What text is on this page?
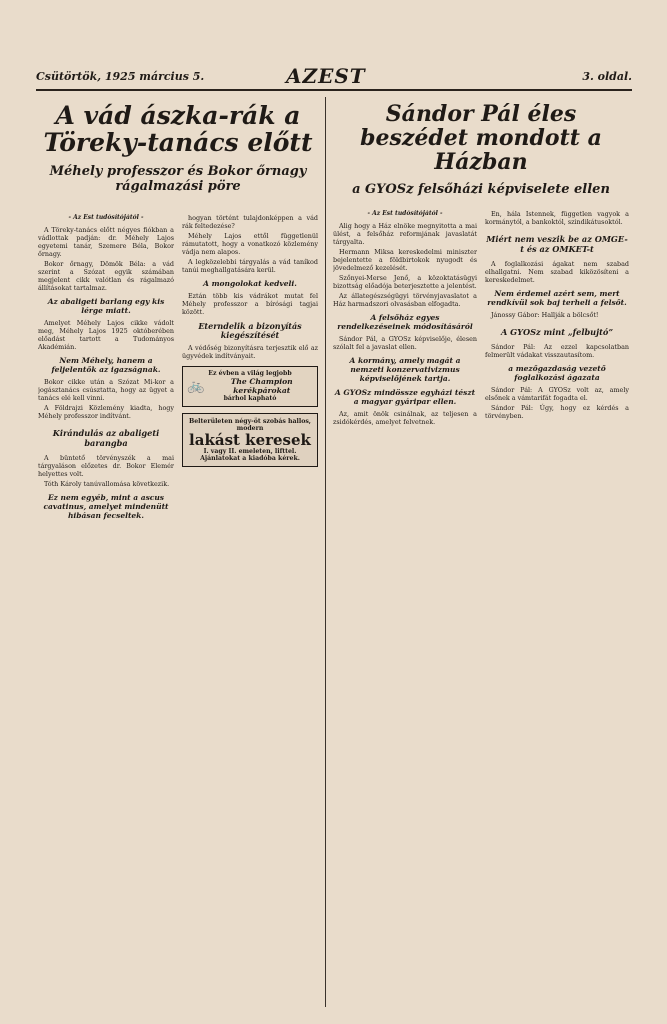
Csütörtök, 1925 március 5.	AZEST	3. oldal.
A vád ászka-rák a Töreky-tanács előtt
Méhely professzor és Bokor őrnagy rágalmazási pöre
- Az Est tudósítójától -

A Töreky-tanács előtt négyes fiókban a vádlottak padján: dr. Méhely Lajos egyetemi tanár, Szemere Béla, Bokor őrnagy.

Bokor őrnagy, Dömök Béla: a vád szerint a Szózat egyik számában megjelent cikk valótlan és rágalmazó állításokat tartalmaz.

Az abaligeti barlang egy kis lérge miatt.

Amelyet Méhely Lajos cikke vádolt meg, Méhely Lajos 1925 októberében előadást tartott a Tudományos Akadémián.

Nem Méhely, hanem a feljelentők az igazságnak.

Bokor cikke után a Szózat Mi-kor a jogásztanács csúsztatta, hogy az ügyet a tanács elé kell vinni.

A Földrajzi Közlemény kiadta, hogy Méhely professzor indítvánt.

Kirándulás az abaligeti barangba

A büntető törvényszék a mai tárgyaláson előzetes dr. Bokor Elemér helyettes volt.

Tóth Károly tanúvallomása következik.

Ez nem egyéb, mint a ascus cavatinus, amelyet mindenütt hibásan fecseltek.

hogyan történt tulajdonképpen a vád rák feltedezése?

Méhely Lajos ettől függetlenül rámutatott, hogy a vonatkozó közlemény vádja nem alapos.

A legközelebbi tárgyalás a vád taníkod tanúi meghallgatására kerül.

A mongolokat kedveli.

Eztán több kis vádrákot mutat fel Méhely professzor a bírósági tagjai között.

Eterndelik a bizonyítás kiegészítését

A védőség bizonyításra terjesztik elő az ügyvédek indítványait.

Ez évben a világ legjobb
🚲	The Champion kerékpárokat
bárhol kapható
Belterületen négy-öt szobás hallos, modern
lakást keresek
I. vagy II. emeleten, lifttel. Ajánlatokat a kiadóba kérek.
Sándor Pál éles beszédet mondott a Házban
a GYOSz felsőházi képviselete ellen
- Az Est tudósítójától -

Alig hogy a Ház elnöke megnyitotta a mai ülést, a felsőház reformjának javaslatát tárgyalta.

Hermann Miksa kereskedelmi miniszter bejelentette a földbirtokok nyugodt és jövedelmező kezelését.

Szőnyei-Merse Jenő, a közoktatásügyi bizottság előadója beterjesztette a jelentést.

Az állategészségügyi törvényjavaslatot a Ház harmadszori olvasásban elfogadta.

A felsőház egyes rendelkezéseinek módosításáról

Sándor Pál, a GYOSz képviselője, élesen szólalt fel a javaslat ellen.

A kormány, amely magát a nemzeti konzervativizmus képviselőjének tartja.
A GYOSz mindössze egyházi tészt a magyar gyáripar ellen.

Az, amit önök csinálnak, az teljesen a zsidókérdés, amelyet felvetnek.

En, hála Istennek, független vagyok a kormánytól, a bankoktól, szindikátusoktól.

Miért nem veszik be az OMGE-t és az OMKET-t

A foglalkozási ágakat nem szabad elhallgatni. Nem szabad kiközösíteni a kereskedelmet.

Nem érdemel azért sem, mert rendkívül sok baj terheli a felsőt.

Jánossy Gábor: Hallják a bölcsőt!

A GYOSz mint „felbujtó”

Sándor Pál: Az ezzel kapcsolatban felmerült vádakat visszautasítom.

a mezőgazdaság vezető foglalkozási ágazata

Sándor Pál: A GYOSz volt az, amely elsőnek a vámtarifát fogadta el.

Sándor Pál: Úgy, hogy ez kérdés a törvényben.
